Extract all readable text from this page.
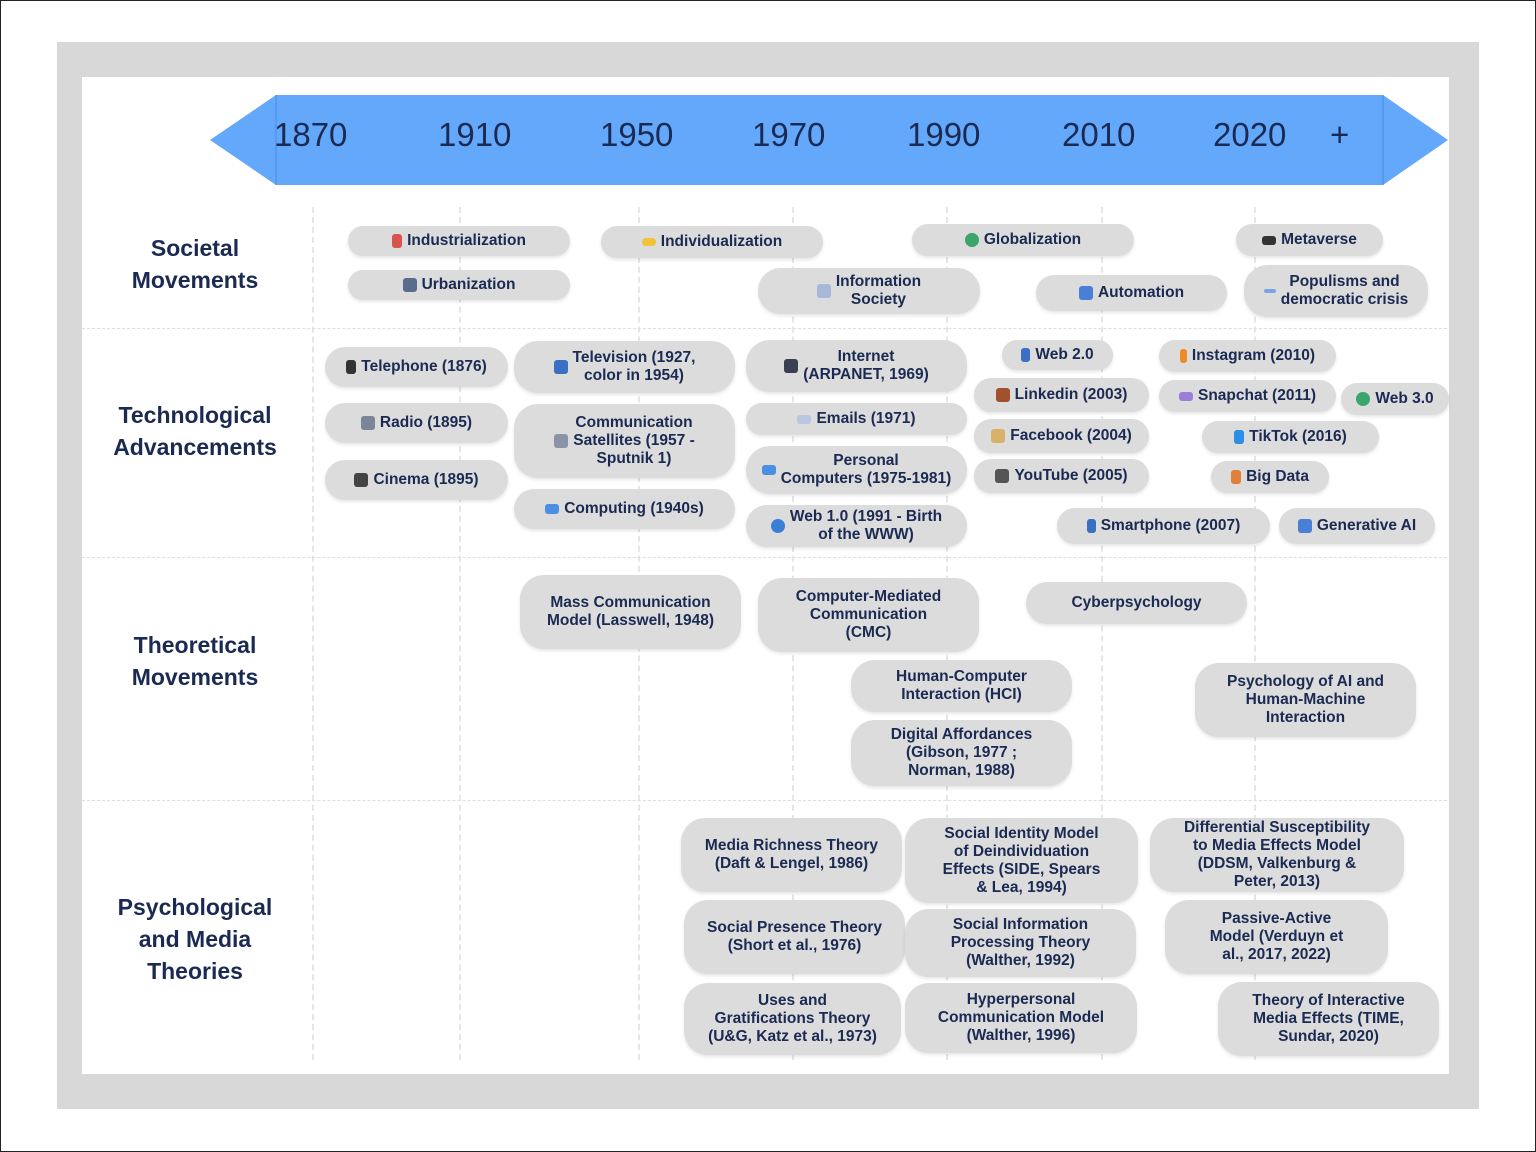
1870	1910	1950 1970 1990 2010 2020 +
Societal
Movements
Technological
Advancements
Theoretical
Movements
Psychological
and Media
Theories
Industrialization
Urbanization
Individualization
Information
Society
Globalization
Automation
Metaverse
Populisms and
democratic crisis
Telephone (1876)
Radio (1895)
Cinema (1895)
Television (1927,
color in 1954)
Communication
Satellites (1957 -
Sputnik 1)
Computing (1940s)
Internet
(ARPANET, 1969)
Emails (1971)
Personal
Computers (1975-1981)
Web 1.0 (1991 - Birth
of the WWW)
Web 2.0
Linkedin (2003)
Facebook (2004)
YouTube (2005)
Smartphone (2007)
Instagram (2010)
Snapchat (2011)	Web 3.0
TikTok (2016)
Big Data
Generative AI
Mass Communication
Model (Lasswell, 1948)
Computer-Mediated
Communication
(CMC)
Human-Computer
Interaction (HCI)
Digital Affordances
(Gibson, 1977 ;
Norman, 1988)
Cyberpsychology
Psychology of AI and
Human-Machine
Interaction
Media Richness Theory
(Daft & Lengel, 1986)
Social Presence Theory
(Short et al., 1976)
Uses and
Gratifications Theory
(U&G, Katz et al., 1973)
Social Identity Model
of Deindividuation
Effects (SIDE, Spears
& Lea, 1994)
Social Information
Processing Theory
(Walther, 1992)
Hyperpersonal
Communication Model
(Walther, 1996)
Differential Susceptibility
to Media Effects Model
(DDSM, Valkenburg &
Peter, 2013)
Passive-Active
Model (Verduyn et
al., 2017, 2022)
Theory of Interactive
Media Effects (TIME,
Sundar, 2020)
